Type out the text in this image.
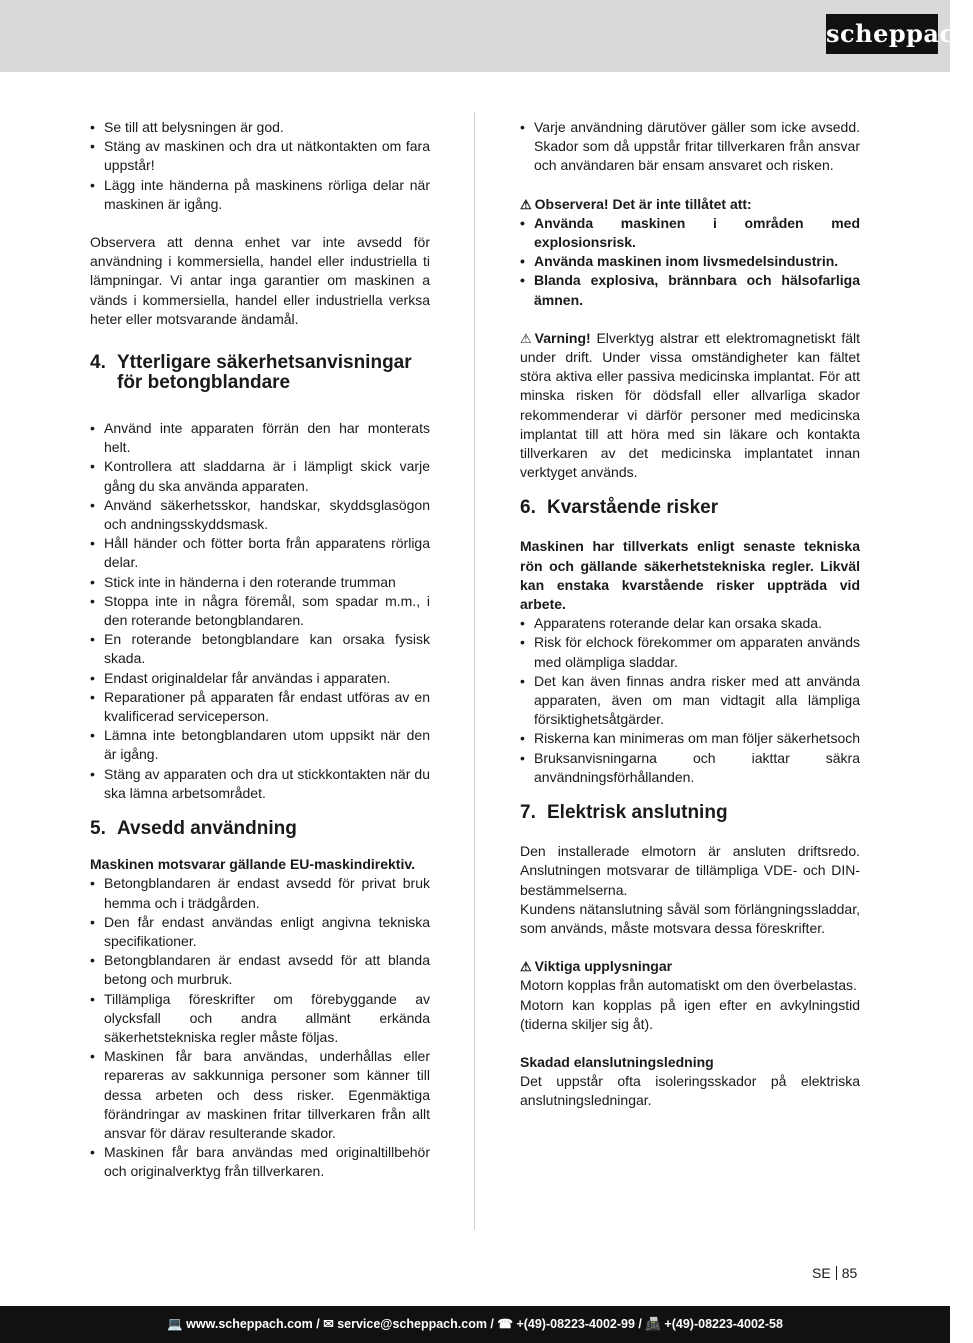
scheppach
• Se till att belysningen är god.
• Stäng av maskinen och dra ut nätkontakten om fara uppstår!
• Lägg inte händerna på maskinens rörliga delar när maskinen är igång.

Observera att denna enhet var inte avsedd för användning i kommersiella, handel eller industriella ti lämpningar. Vi antar inga garantier om maskinen a vänds i kommersiella, handel eller industriella verksa heter eller motsvarande ändamål.

4. Ytterligare säkerhetsanvisningar för betongblandare
• Använd inte apparaten förrän den har monterats helt.
• Kontrollera att sladdarna är i lämpligt skick varje gång du ska använda apparaten.
• Använd säkerhetsskor, handskar, skyddsglasögon och andningsskyddsmask.
• Håll händer och fötter borta från apparatens rörliga delar.
• Stick inte in händerna i den roterande trumman
• Stoppa inte in några föremål, som spadar m.m., i den roterande betongblandaren.
• En roterande betongblandare kan orsaka fysisk skada.
• Endast originaldelar får användas i apparaten.
• Reparationer på apparaten får endast utföras av en kvalificerad serviceperson.
• Lämna inte betongblandaren utom uppsikt när den är igång.
• Stäng av apparaten och dra ut stickkontakten när du ska lämna arbetsområdet.
5. Avsedd användning

Maskinen motsvarar gällande EU-maskindirektiv.

• Betongblandaren är endast avsedd för privat bruk hemma och i trädgården.
• Den får endast användas enligt angivna tekniska specifikationer.
• Betongblandaren är endast avsedd för att blanda betong och murbruk.
• Tillämpliga föreskrifter om förebyggande av olycksfall och andra allmänt erkända säkerhetstekniska regler måste följas.
• Maskinen får bara användas, underhållas eller repareras av sakkunniga personer som känner till dessa arbeten och dess risker. Egenmäktiga förändringar av maskinen fritar tillverkaren från allt ansvar för därav resulterande skador.
• Maskinen får bara användas med originaltillbehör och originalverktyg från tillverkaren.
• Varje användning därutöver gäller som icke avsedd. Skador som då uppstår fritar tillverkaren från ansvar och användaren bär ensam ansvaret och risken.

⚠ Observera! Det är inte tillåtet att:

• Använda maskinen i områden med explosionsrisk.
• Använda maskinen inom livsmedelsindustrin.
• Blanda explosiva, brännbara och hälsofarliga ämnen.

⚠ Varning! Elverktyg alstrar ett elektromagnetiskt fält under drift. Under vissa omständigheter kan fältet störa aktiva eller passiva medicinska implantat. För att minska risken för dödsfall eller allvarliga skador rekommenderar vi därför personer med medicinska implantat till att höra med sin läkare och kontakta tillverkaren av det medicinska implantatet innan verktyget används.

6. Kvarstående risker

Maskinen har tillverkats enligt senaste tekniska rön och gällande säkerhetstekniska regler. Likväl kan enstaka kvarstående risker uppträda vid arbete.

• Apparatens roterande delar kan orsaka skada.
• Risk för elchock förekommer om apparaten används med olämpliga sladdar.
• Det kan även finnas andra risker med att använda apparaten, även om man vidtagit alla lämpliga försiktighetsåtgärder.
• Riskerna kan minimeras om man följer säkerhetsoch
• Bruksanvisningarna och iakttar säkra användningsförhållanden.
7. Elektrisk anslutning

Den installerade elmotorn är ansluten driftsredo. Anslutningen motsvarar de tillämpliga VDE- och DIN-bestämmelserna.

Kundens nätanslutning såväl som förlängningssladdar, som används, måste motsvara dessa föreskrifter.

⚠ Viktiga upplysningar

Motorn kopplas från automatiskt om den överbelastas.

Motorn kan kopplas på igen efter en avkylningstid (tiderna skiljer sig åt).

Skadad elanslutningsledning

Det uppstår ofta isoleringsskador på elektriska anslutningsledningar.

SE 85
💻 www.scheppach.com / ✉ service@scheppach.com / ☎ +(49)-08223-4002-99 / 📠 +(49)-08223-4002-58
